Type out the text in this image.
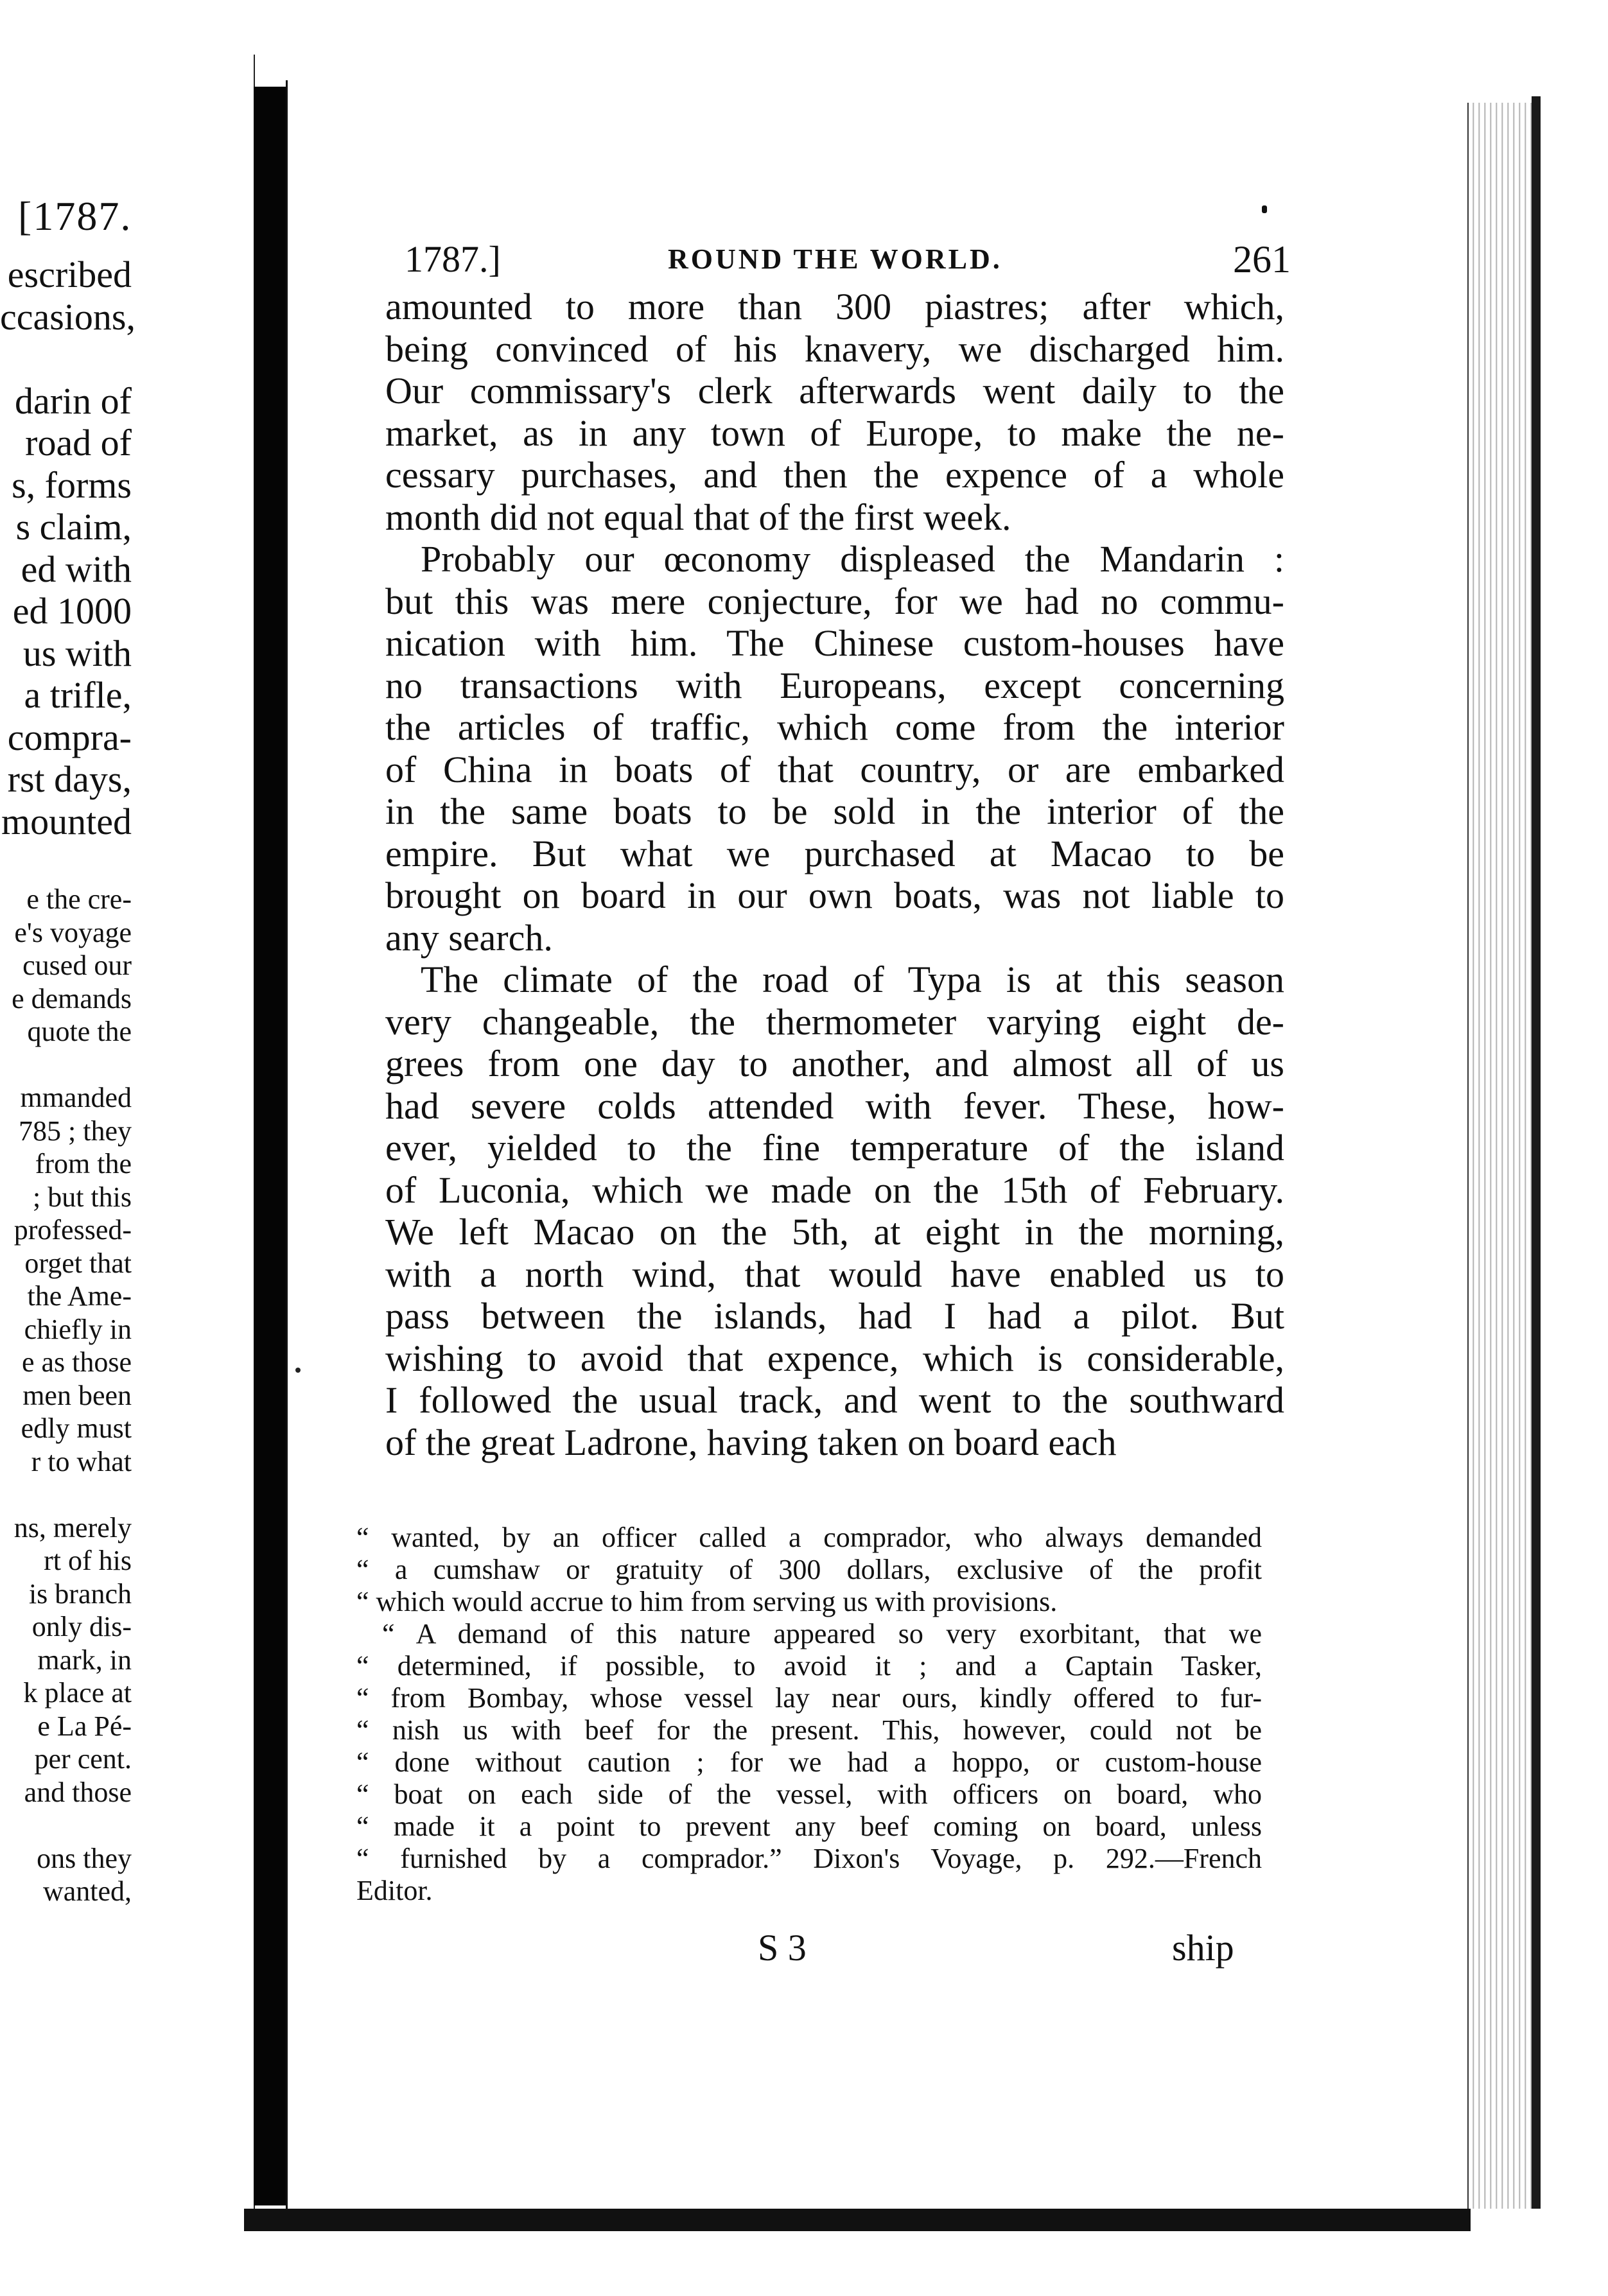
[1787.
escribed
ccasions,

darin of
road of
s, forms
s claim,
ed with
ed 1000
us with
a trifle,
compra-
rst days,
mounted
e the cre-
e's voyage
cused our
e demands
quote the

mmanded
785 ; they
from the
; but this
professed-
orget that
the Ame-
chiefly in
e as those
men been
edly must
r to what

ns, merely
rt of his
is branch
only dis-
mark, in
k place at
e La Pé-
per cent.
and those

ons they
wanted,
1787.]	ROUND THE WORLD.	261
amounted to more than 300 piastres; after which,
being convinced of his knavery, we discharged him.
Our commissary's clerk afterwards went daily to the
market, as in any town of Europe, to make the ne-
cessary purchases, and then the expence of a whole
month did not equal that of the first week.
Probably our œconomy displeased the Mandarin :
but this was mere conjecture, for we had no commu-
nication with him. The Chinese custom-houses have
no transactions with Europeans, except concerning
the articles of traffic, which come from the interior
of China in boats of that country, or are embarked
in the same boats to be sold in the interior of the
empire. But what we purchased at Macao to be
brought on board in our own boats, was not liable to
any search.
The climate of the road of Typa is at this season
very changeable, the thermometer varying eight de-
grees from one day to another, and almost all of us
had severe colds attended with fever. These, how-
ever, yielded to the fine temperature of the island
of Luconia, which we made on the 15th of February.
We left Macao on the 5th, at eight in the morning,
with a north wind, that would have enabled us to
pass between the islands, had I had a pilot. But
wishing to avoid that expence, which is considerable,
I followed the usual track, and went to the southward
of the great Ladrone, having taken on board each
“ wanted, by an officer called a comprador, who always demanded
“ a cumshaw or gratuity of 300 dollars, exclusive of the profit
“ which would accrue to him from serving us with provisions.
“ A demand of this nature appeared so very exorbitant, that we
“ determined, if possible, to avoid it ; and a Captain Tasker,
“ from Bombay, whose vessel lay near ours, kindly offered to fur-
“ nish us with beef for the present. This, however, could not be
“ done without caution ; for we had a hoppo, or custom-house
“ boat on each side of the vessel, with officers on board, who
“ made it a point to prevent any beef coming on board, unless
“ furnished by a comprador.” Dixon's Voyage, p. 292.—French
Editor.
S 3	ship
